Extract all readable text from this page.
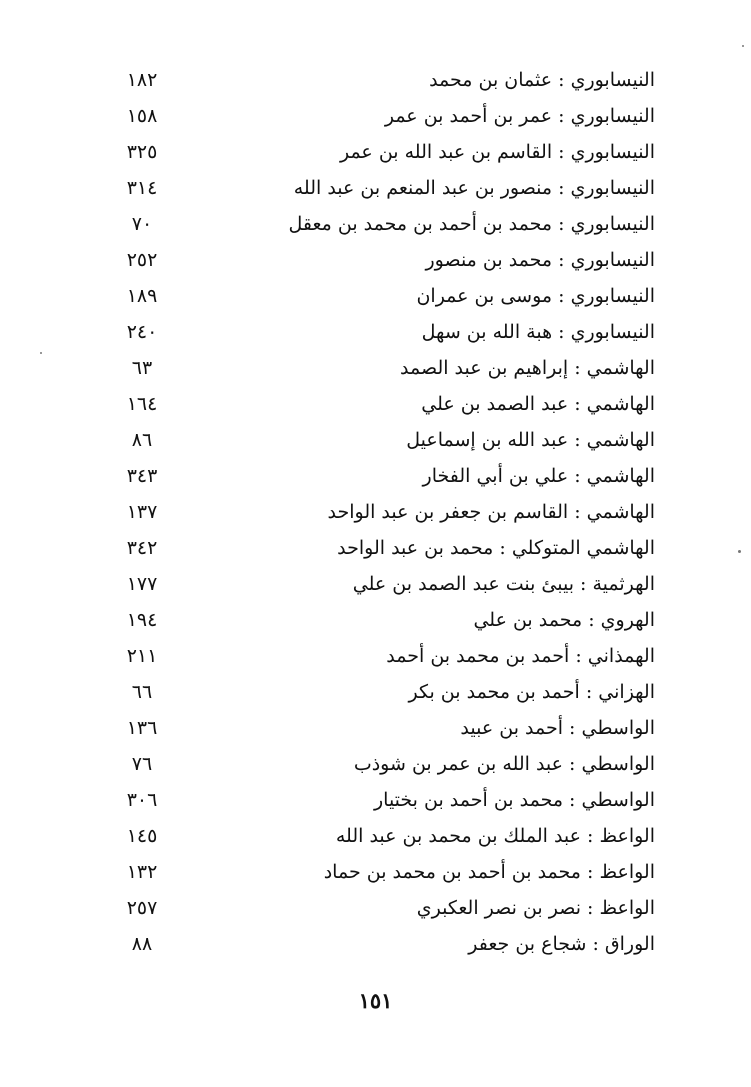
١٨٢	النيسابوري : عثمان بن محمد
١٥٨	النيسابوري : عمر بن أحمد بن عمر
٣٢٥	النيسابوري : القاسم بن عبد الله بن عمر
٣١٤	النيسابوري : منصور بن عبد المنعم بن عبد الله
٧٠	النيسابوري : محمد بن أحمد بن محمد بن معقل
٢٥٢	النيسابوري : محمد بن منصور
١٨٩	النيسابوري : موسى بن عمران
٢٤٠	النيسابوري : هبة الله بن سهل
٦٣	الهاشمي : إبراهيم بن عبد الصمد
١٦٤	الهاشمي : عبد الصمد بن علي
٨٦	الهاشمي : عبد الله بن إسماعيل
٣٤٣	الهاشمي : علي بن أبي الفخار
١٣٧	الهاشمي : القاسم بن جعفر بن عبد الواحد
٣٤٢	الهاشمي المتوكلي : محمد بن عبد الواحد
١٧٧	الهرثمية : بيبئ بنت عبد الصمد بن علي
١٩٤	الهروي : محمد بن علي
٢١١	الهمذاني : أحمد بن محمد بن أحمد
٦٦	الهزاني : أحمد بن محمد بن بكر
١٣٦	الواسطي : أحمد بن عبيد
٧٦	الواسطي : عبد الله بن عمر بن شوذب
٣٠٦	الواسطي : محمد بن أحمد بن بختيار
١٤٥	الواعظ : عبد الملك بن محمد بن عبد الله
١٣٢	الواعظ : محمد بن أحمد بن محمد بن حماد
٢٥٧	الواعظ : نصر بن نصر العكبري
٨٨	الوراق : شجاع بن جعفر
١٥١
